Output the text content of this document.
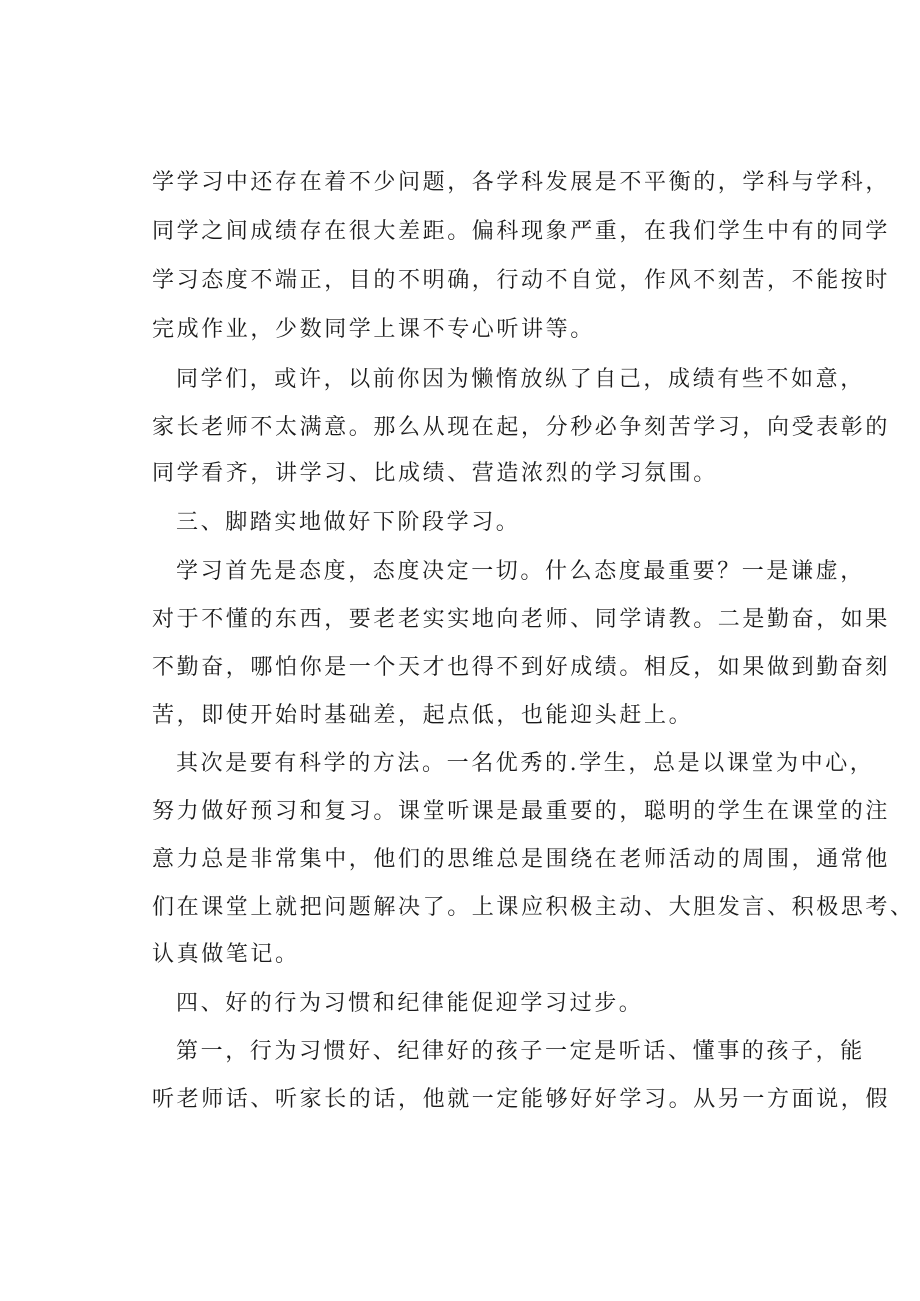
学学习中还存在着不少问题，各学科发展是不平衡的，学科与学科，
同学之间成绩存在很大差距。偏科现象严重，在我们学生中有的同学
学习态度不端正，目的不明确，行动不自觉，作风不刻苦，不能按时
完成作业，少数同学上课不专心听讲等。
同学们，或许，以前你因为懒惰放纵了自己，成绩有些不如意，
家长老师不太满意。那么从现在起，分秒必争刻苦学习，向受表彰的
同学看齐，讲学习、比成绩、营造浓烈的学习氛围。
三、脚踏实地做好下阶段学习。
学习首先是态度，态度决定一切。什么态度最重要？一是谦虚，
对于不懂的东西，要老老实实地向老师、同学请教。二是勤奋，如果
不勤奋，哪怕你是一个天才也得不到好成绩。相反，如果做到勤奋刻
苦，即使开始时基础差，起点低，也能迎头赶上。
其次是要有科学的方法。一名优秀的.学生，总是以课堂为中心，
努力做好预习和复习。课堂听课是最重要的，聪明的学生在课堂的注
意力总是非常集中，他们的思维总是围绕在老师活动的周围，通常他
们在课堂上就把问题解决了。上课应积极主动、大胆发言、积极思考、
认真做笔记。
四、好的行为习惯和纪律能促迎学习过步。
第一，行为习惯好、纪律好的孩子一定是听话、懂事的孩子，能
听老师话、听家长的话，他就一定能够好好学习。从另一方面说，假
